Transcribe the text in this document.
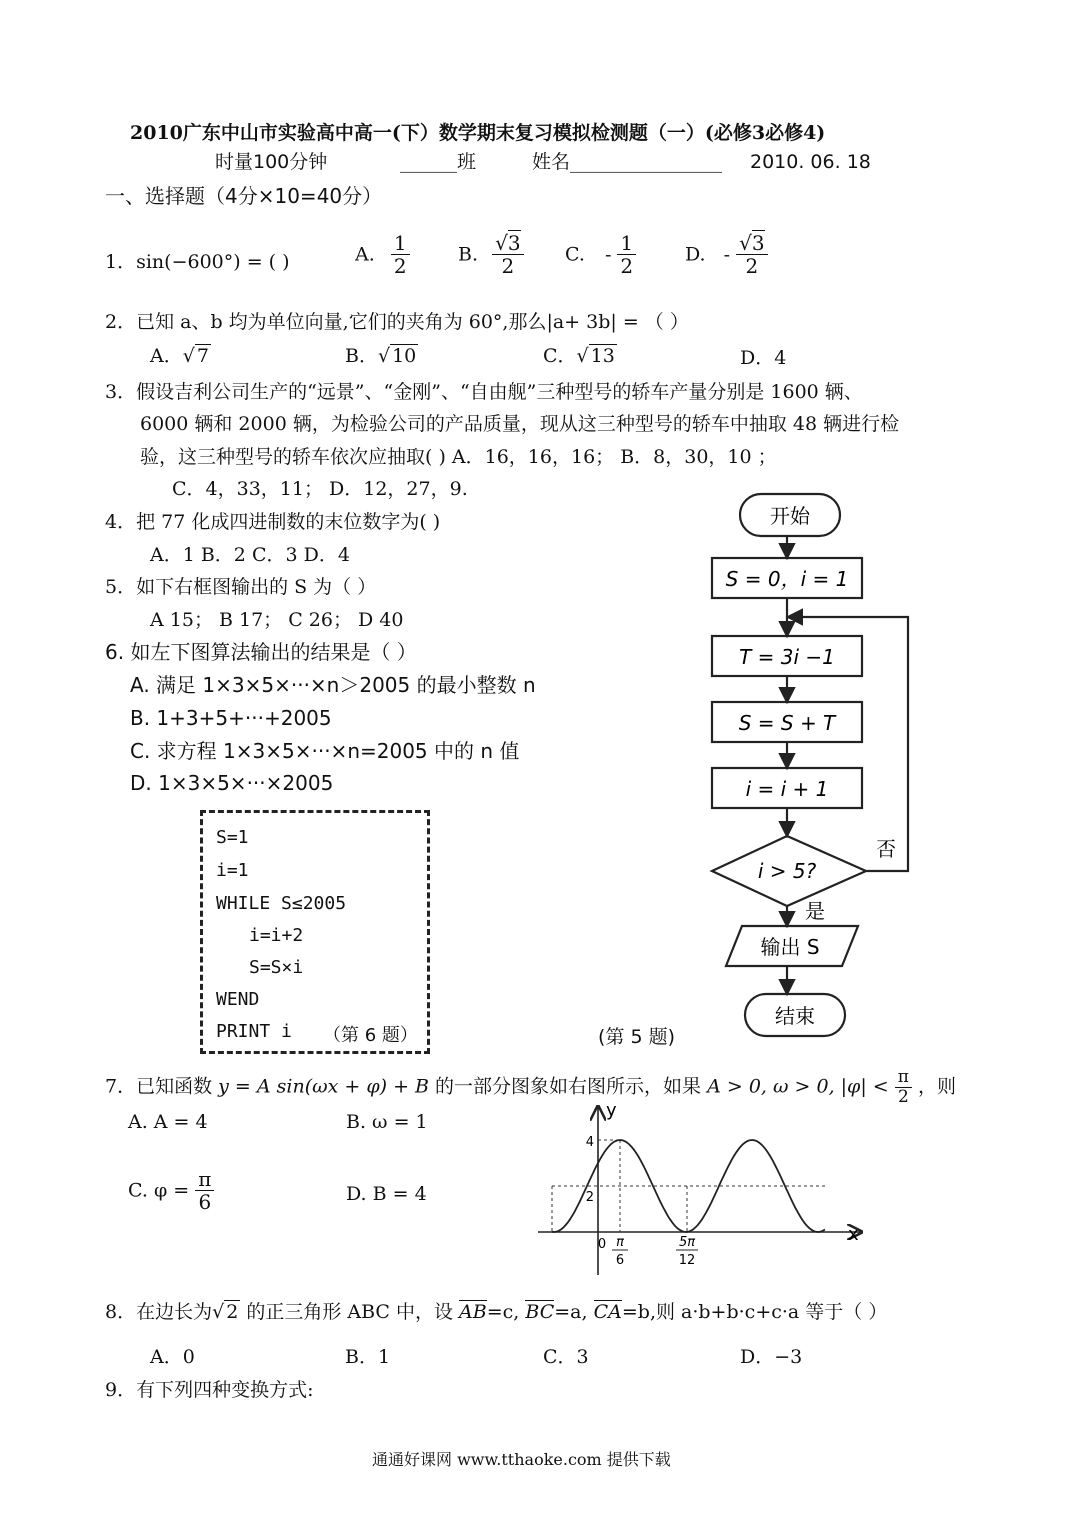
2010广东中山市实验高中高一(下）数学期末复习模拟检测题（一）(必修3必修4)
时量100分钟	______班	姓名________________ 2010. 06. 18
一、选择题（4分×10=40分）
1．sin(−600°) = ( )	A. $\frac{1}{2}$	B. $\frac{√3}{2} C$. - $\frac{1}{2}$	D. - $\frac{√3}{2}$
2．已知 a、b 均为单位向量,它们的夹角为 60°,那么|a+ 3b| = （ ）
A．√ 7	B．√ 10	C．√ 13	D．4
3．假设吉利公司生产的“远景”、“金刚”、“自由舰”三种型号的轿车产量分别是 1600 辆、
6000 辆和 2000 辆，为检验公司的产品质量，现从这三种型号的轿车中抽取 48 辆进行检
验，这三种型号的轿车依次应抽取( ) A．16，16，16； B．8，30，10 ；
C．4，33，11； D．12，27，9.
4．把 77 化成四进制数的末位数字为( )
A．1 B．2 C．3 D．4
5．如下右框图输出的 S 为（ ）
A 15； B 17； C 26； D 40
6. 如左下图算法输出的结果是（ ）
A. 满足 1×3×5×···×n＞2005 的最小整数 n
B. 1+3+5+···+2005
C. 求方程 1×3×5×···×n=2005 中的 n 值
D. 1×3×5×···×2005
S=1
i=1
WHILE S≤2005
i=i+2
S=S×i
WEND
PRINT i （第 6 题）
开始
S = 0，i = 1
T = 3i −1
S = S + T
i = i + 1
i > 5?
否
是
输出 S
结束
(第 5 题)
7．已知函数 y = A sin(ωx + φ) + B 的一部分图象如右图所示，如果 A > 0, ω > 0, $|\varphi| < \frac{\pi}{2}$ ，则
A. A = 4	B. ω = 1
C. $\varphi = \frac{\pi}{6}$	D. B = 4
y
x
4
2
0 π
6
5π
12
8．在边长为√ 2 的正三角形 ABC 中，设 AB=c, BC=a, CA=b,则 a·b+b·c+c·a 等于（ ）
A．0	B．1	C．3	D．−3
9．有下列四种变换方式:
通通好课网 www.tthaoke.com 提供下载
